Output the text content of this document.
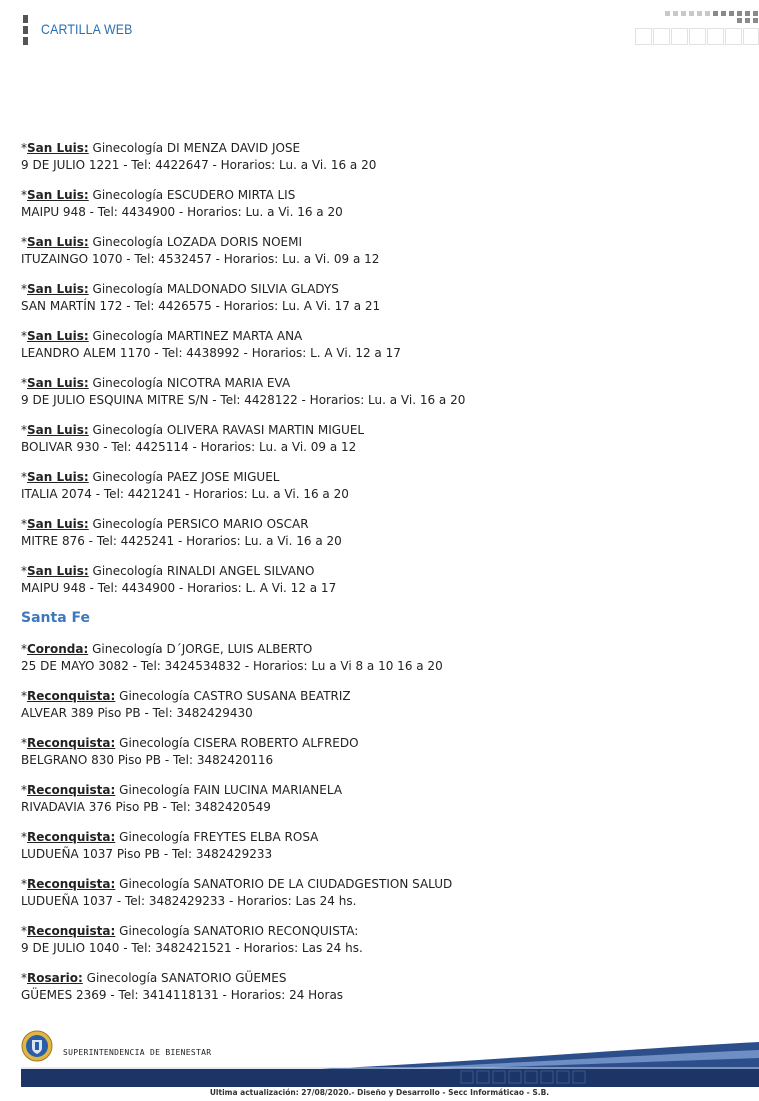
CARTILLA WEB
*San Luis: Ginecología DI MENZA DAVID JOSE
9 DE JULIO 1221 - Tel: 4422647 - Horarios: Lu. a Vi. 16 a 20
*San Luis: Ginecología ESCUDERO MIRTA LIS
MAIPU 948 - Tel: 4434900 - Horarios: Lu. a Vi. 16 a 20
*San Luis: Ginecología LOZADA DORIS NOEMI
ITUZAINGO 1070 - Tel: 4532457 - Horarios: Lu. a Vi. 09 a 12
*San Luis: Ginecología MALDONADO SILVIA GLADYS
SAN MARTÍN 172 - Tel: 4426575 - Horarios: Lu. A Vi. 17 a 21
*San Luis: Ginecología MARTINEZ MARTA ANA
LEANDRO ALEM 1170 - Tel: 4438992 - Horarios: L. A Vi. 12 a 17
*San Luis: Ginecología NICOTRA MARIA EVA
9 DE JULIO ESQUINA MITRE S/N - Tel: 4428122 - Horarios: Lu. a Vi. 16 a 20
*San Luis: Ginecología OLIVERA RAVASI MARTIN MIGUEL
BOLIVAR 930 - Tel: 4425114 - Horarios: Lu. a Vi. 09 a 12
*San Luis: Ginecología PAEZ JOSE MIGUEL
ITALIA 2074 - Tel: 4421241 - Horarios: Lu. a Vi. 16 a 20
*San Luis: Ginecología PERSICO MARIO OSCAR
MITRE 876 - Tel: 4425241 - Horarios: Lu. a Vi. 16 a 20
*San Luis: Ginecología RINALDI ANGEL SILVANO
MAIPU 948 - Tel: 4434900 - Horarios: L. A Vi. 12 a 17
Santa Fe
*Coronda: Ginecología D´JORGE, LUIS ALBERTO
25 DE MAYO 3082 - Tel: 3424534832 - Horarios: Lu a Vi 8 a 10 16 a 20
*Reconquista: Ginecología CASTRO SUSANA BEATRIZ
ALVEAR 389 Piso PB - Tel: 3482429430
*Reconquista: Ginecología CISERA ROBERTO ALFREDO
BELGRANO 830 Piso PB - Tel: 3482420116
*Reconquista: Ginecología FAIN LUCINA MARIANELA
RIVADAVIA 376 Piso PB - Tel: 3482420549
*Reconquista: Ginecología FREYTES ELBA ROSA
LUDUEÑA 1037 Piso PB - Tel: 3482429233
*Reconquista: Ginecología SANATORIO DE LA CIUDADGESTION SALUD
LUDUEÑA 1037 - Tel: 3482429233 - Horarios: Las 24 hs.
*Reconquista: Ginecología SANATORIO RECONQUISTA:
9 DE JULIO 1040 - Tel: 3482421521 - Horarios: Las 24 hs.
*Rosario: Ginecología SANATORIO GÜEMES
GÜEMES 2369 - Tel: 3414118131 - Horarios: 24 Horas
SUPERINTENDENCIA DE BIENESTAR
Ultima actualización: 27/08/2020.- Diseño y Desarrollo - Secc Informáticao - S.B.
